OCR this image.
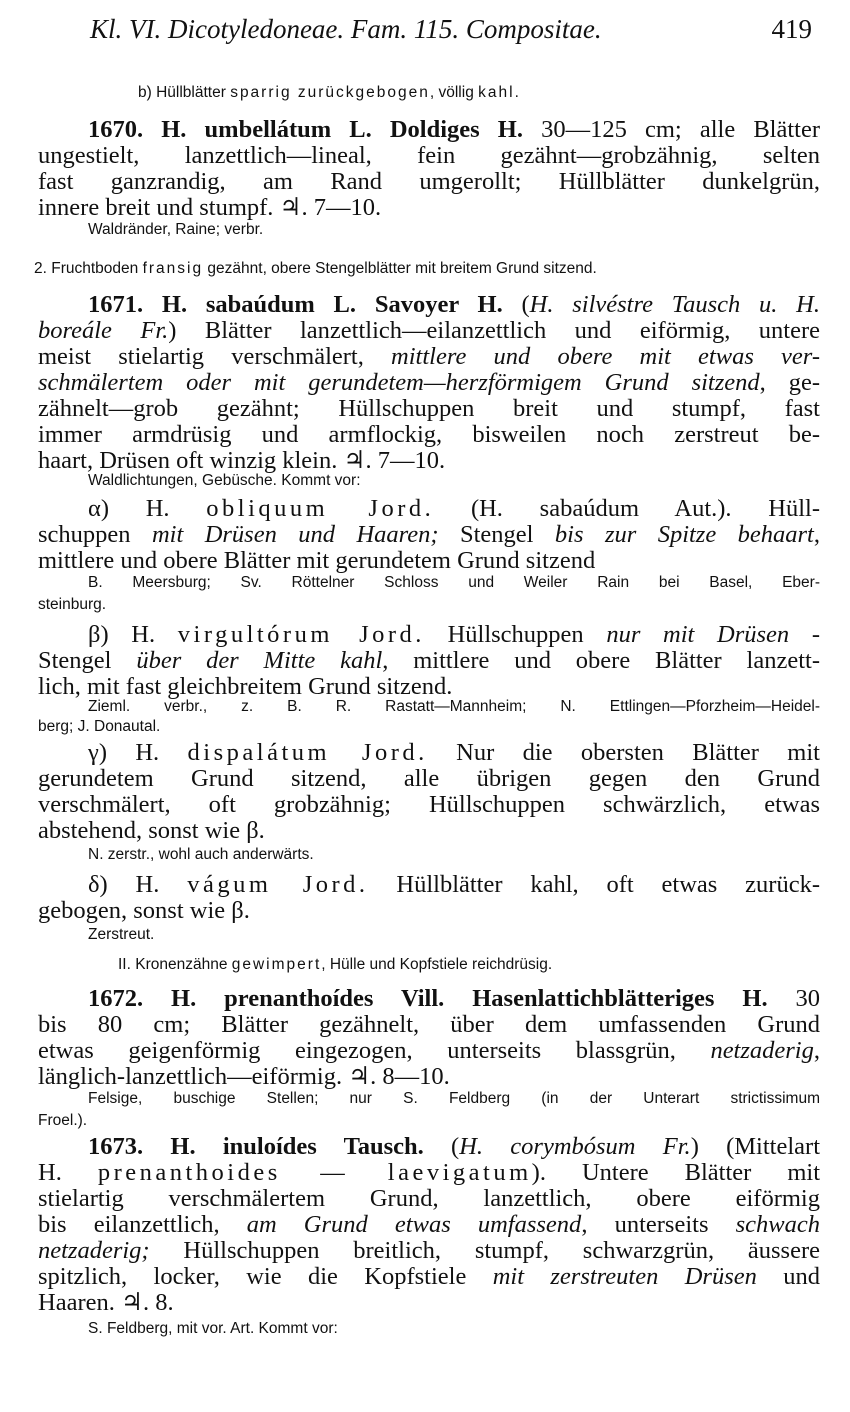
Kl. VI. Dicotyledoneae. Fam. 115. Compositae.	419
b) Hüllblätter sparrig zurückgebogen, völlig kahl.
1670. H. umbellátum L. Doldiges H. 30—125 cm; alle Blätter
ungestielt, lanzettlich—lineal, fein gezähnt—grobzähnig, selten
fast ganzrandig, am Rand umgerollt; Hüllblätter dunkelgrün,
innere breit und stumpf. ♃. 7—10.
Waldränder, Raine; verbr.
2. Fruchtboden fransig gezähnt, obere Stengelblätter mit breitem Grund sitzend.
1671. H. sabaúdum L. Savoyer H. (H. silvéstre Tausch u. H.
boreále Fr.) Blätter lanzettlich—eilanzettlich und eiförmig, untere
meist stielartig verschmälert, mittlere und obere mit etwas ver-
schmälertem oder mit gerundetem—herzförmigem Grund sitzend, ge-
zähnelt—grob gezähnt; Hüllschuppen breit und stumpf, fast
immer armdrüsig und armflockig, bisweilen noch zerstreut be-
haart, Drüsen oft winzig klein. ♃. 7—10.
Waldlichtungen, Gebüsche. Kommt vor:
α) H. obliquum Jord. (H. sabaúdum Aut.). Hüll-
schuppen mit Drüsen und Haaren; Stengel bis zur Spitze behaart,
mittlere und obere Blätter mit gerundetem Grund sitzend
B. Meersburg; Sv. Röttelner Schloss und Weiler Rain bei Basel, Eber-
steinburg.
β) H. virgultórum Jord. Hüllschuppen nur mit Drüsen -
Stengel über der Mitte kahl, mittlere und obere Blätter lanzett-
lich, mit fast gleichbreitem Grund sitzend.
Zieml. verbr., z. B. R. Rastatt—Mannheim; N. Ettlingen—Pforzheim—Heidel-
berg; J. Donautal.
γ) H. dispalátum Jord. Nur die obersten Blätter mit
gerundetem Grund sitzend, alle übrigen gegen den Grund
verschmälert, oft grobzähnig; Hüllschuppen schwärzlich, etwas
abstehend, sonst wie β.
N. zerstr., wohl auch anderwärts.
δ) H. vágum Jord. Hüllblätter kahl, oft etwas zurück-
gebogen, sonst wie β.
Zerstreut.
II. Kronenzähne gewimpert, Hülle und Kopfstiele reichdrüsig.
1672. H. prenanthoídes Vill. Hasenlattichblätteriges H. 30
bis 80 cm; Blätter gezähnelt, über dem umfassenden Grund
etwas geigenförmig eingezogen, unterseits blassgrün, netzaderig,
länglich-lanzettlich—eiförmig. ♃. 8—10.
Felsige, buschige Stellen; nur S. Feldberg (in der Unterart strictissimum
Froel.).
1673. H. inuloídes Tausch. (H. corymbósum Fr.) (Mittelart
H. prenanthoides — laevigatum). Untere Blätter mit
stielartig verschmälertem Grund, lanzettlich, obere eiförmig
bis eilanzettlich, am Grund etwas umfassend, unterseits schwach
netzaderig; Hüllschuppen breitlich, stumpf, schwarzgrün, äussere
spitzlich, locker, wie die Kopfstiele mit zerstreuten Drüsen und
Haaren. ♃. 8.
S. Feldberg, mit vor. Art. Kommt vor:
